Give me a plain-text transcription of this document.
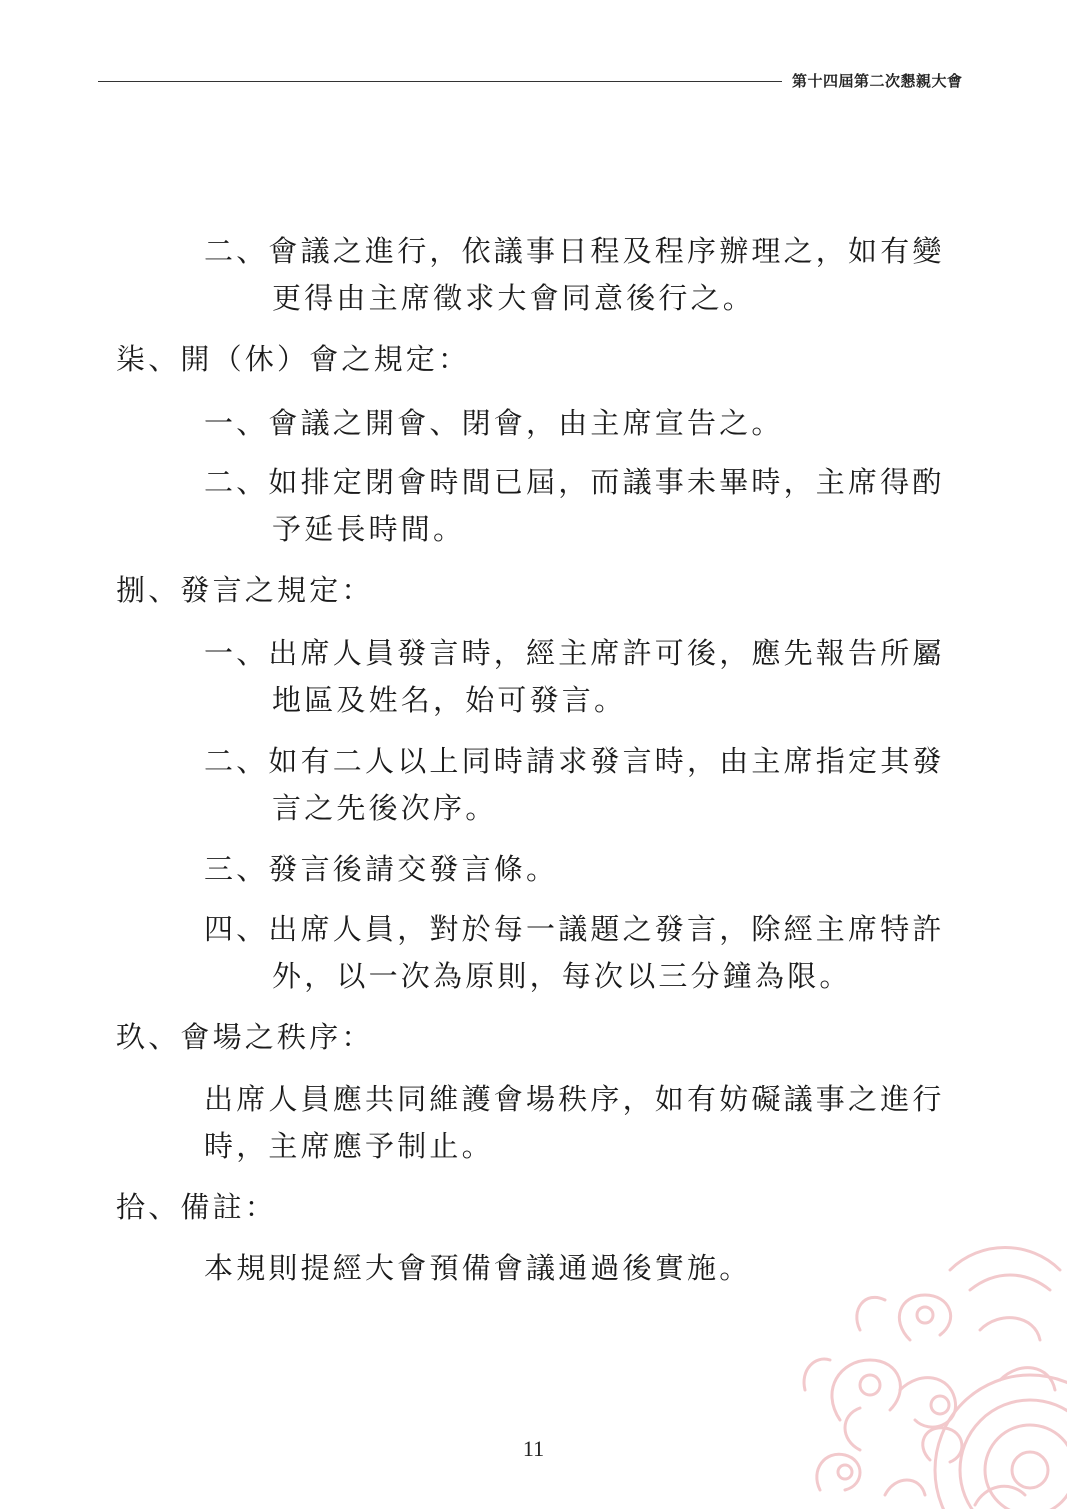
第十四屆第二次懇親大會
二、會議之進行，依議事日程及程序辦理之，如有變
更得由主席徵求大會同意後行之。
柒、開（休）會之規定：
一、會議之開會、閉會，由主席宣告之。
二、如排定閉會時間已屆，而議事未畢時，主席得酌
予延長時間。
捌、發言之規定：
一、出席人員發言時，經主席許可後，應先報告所屬
地區及姓名，始可發言。
二、如有二人以上同時請求發言時，由主席指定其發
言之先後次序。
三、發言後請交發言條。
四、出席人員，對於每一議題之發言，除經主席特許
外，以一次為原則，每次以三分鐘為限。
玖、會場之秩序：
出席人員應共同維護會場秩序，如有妨礙議事之進行
時，主席應予制止。
拾、備註：
本規則提經大會預備會議通過後實施。
11
